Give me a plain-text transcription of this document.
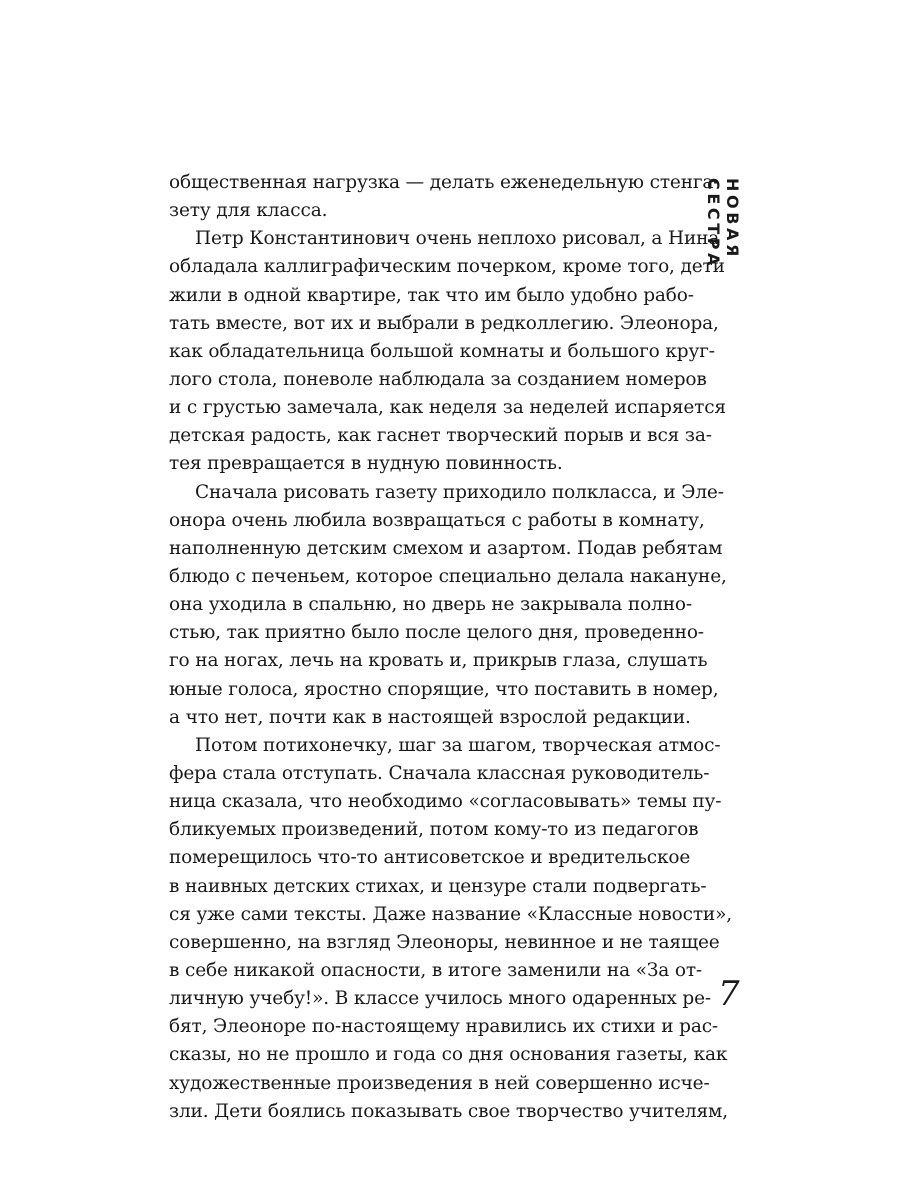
общественная нагрузка — делать еженедельную стенга-
зету для класса.
Петр Константинович очень неплохо рисовал, а Нина
обладала каллиграфическим почерком, кроме того, дети
жили в одной квартире, так что им было удобно рабо-
тать вместе, вот их и выбрали в редколлегию. Элеонора,
как обладательница большой комнаты и большого круг-
лого стола, поневоле наблюдала за созданием номеров
и с грустью замечала, как неделя за неделей испаряется
детская радость, как гаснет творческий порыв и вся за-
тея превращается в нудную повинность.
Сначала рисовать газету приходило полкласса, и Эле-
онора очень любила возвращаться с работы в комнату,
наполненную детским смехом и азартом. Подав ребятам
блюдо с печеньем, которое специально делала накануне,
она уходила в спальню, но дверь не закрывала полно-
стью, так приятно было после целого дня, проведенно-
го на ногах, лечь на кровать и, прикрыв глаза, слушать
юные голоса, яростно спорящие, что поставить в номер,
а что нет, почти как в настоящей взрослой редакции.
Потом потихонечку, шаг за шагом, творческая атмос-
фера стала отступать. Сначала классная руководитель-
ница сказала, что необходимо «согласовывать» темы пу-
бликуемых произведений, потом кому-то из педагогов
померещилось что-то антисоветское и вредительское
в наивных детских стихах, и цензуре стали подвергать-
ся уже сами тексты. Даже название «Классные новости»,
совершенно, на взгляд Элеоноры, невинное и не таящее
в себе никакой опасности, в итоге заменили на «За от-
личную учебу!». В классе училось много одаренных ре-
бят, Элеоноре по-настоящему нравились их стихи и рас-
сказы, но не прошло и года со дня основания газеты, как
художественные произведения в ней совершенно исче-
зли. Дети боялись показывать свое творчество учителям,
НОВАЯ СЕСТРА
7
